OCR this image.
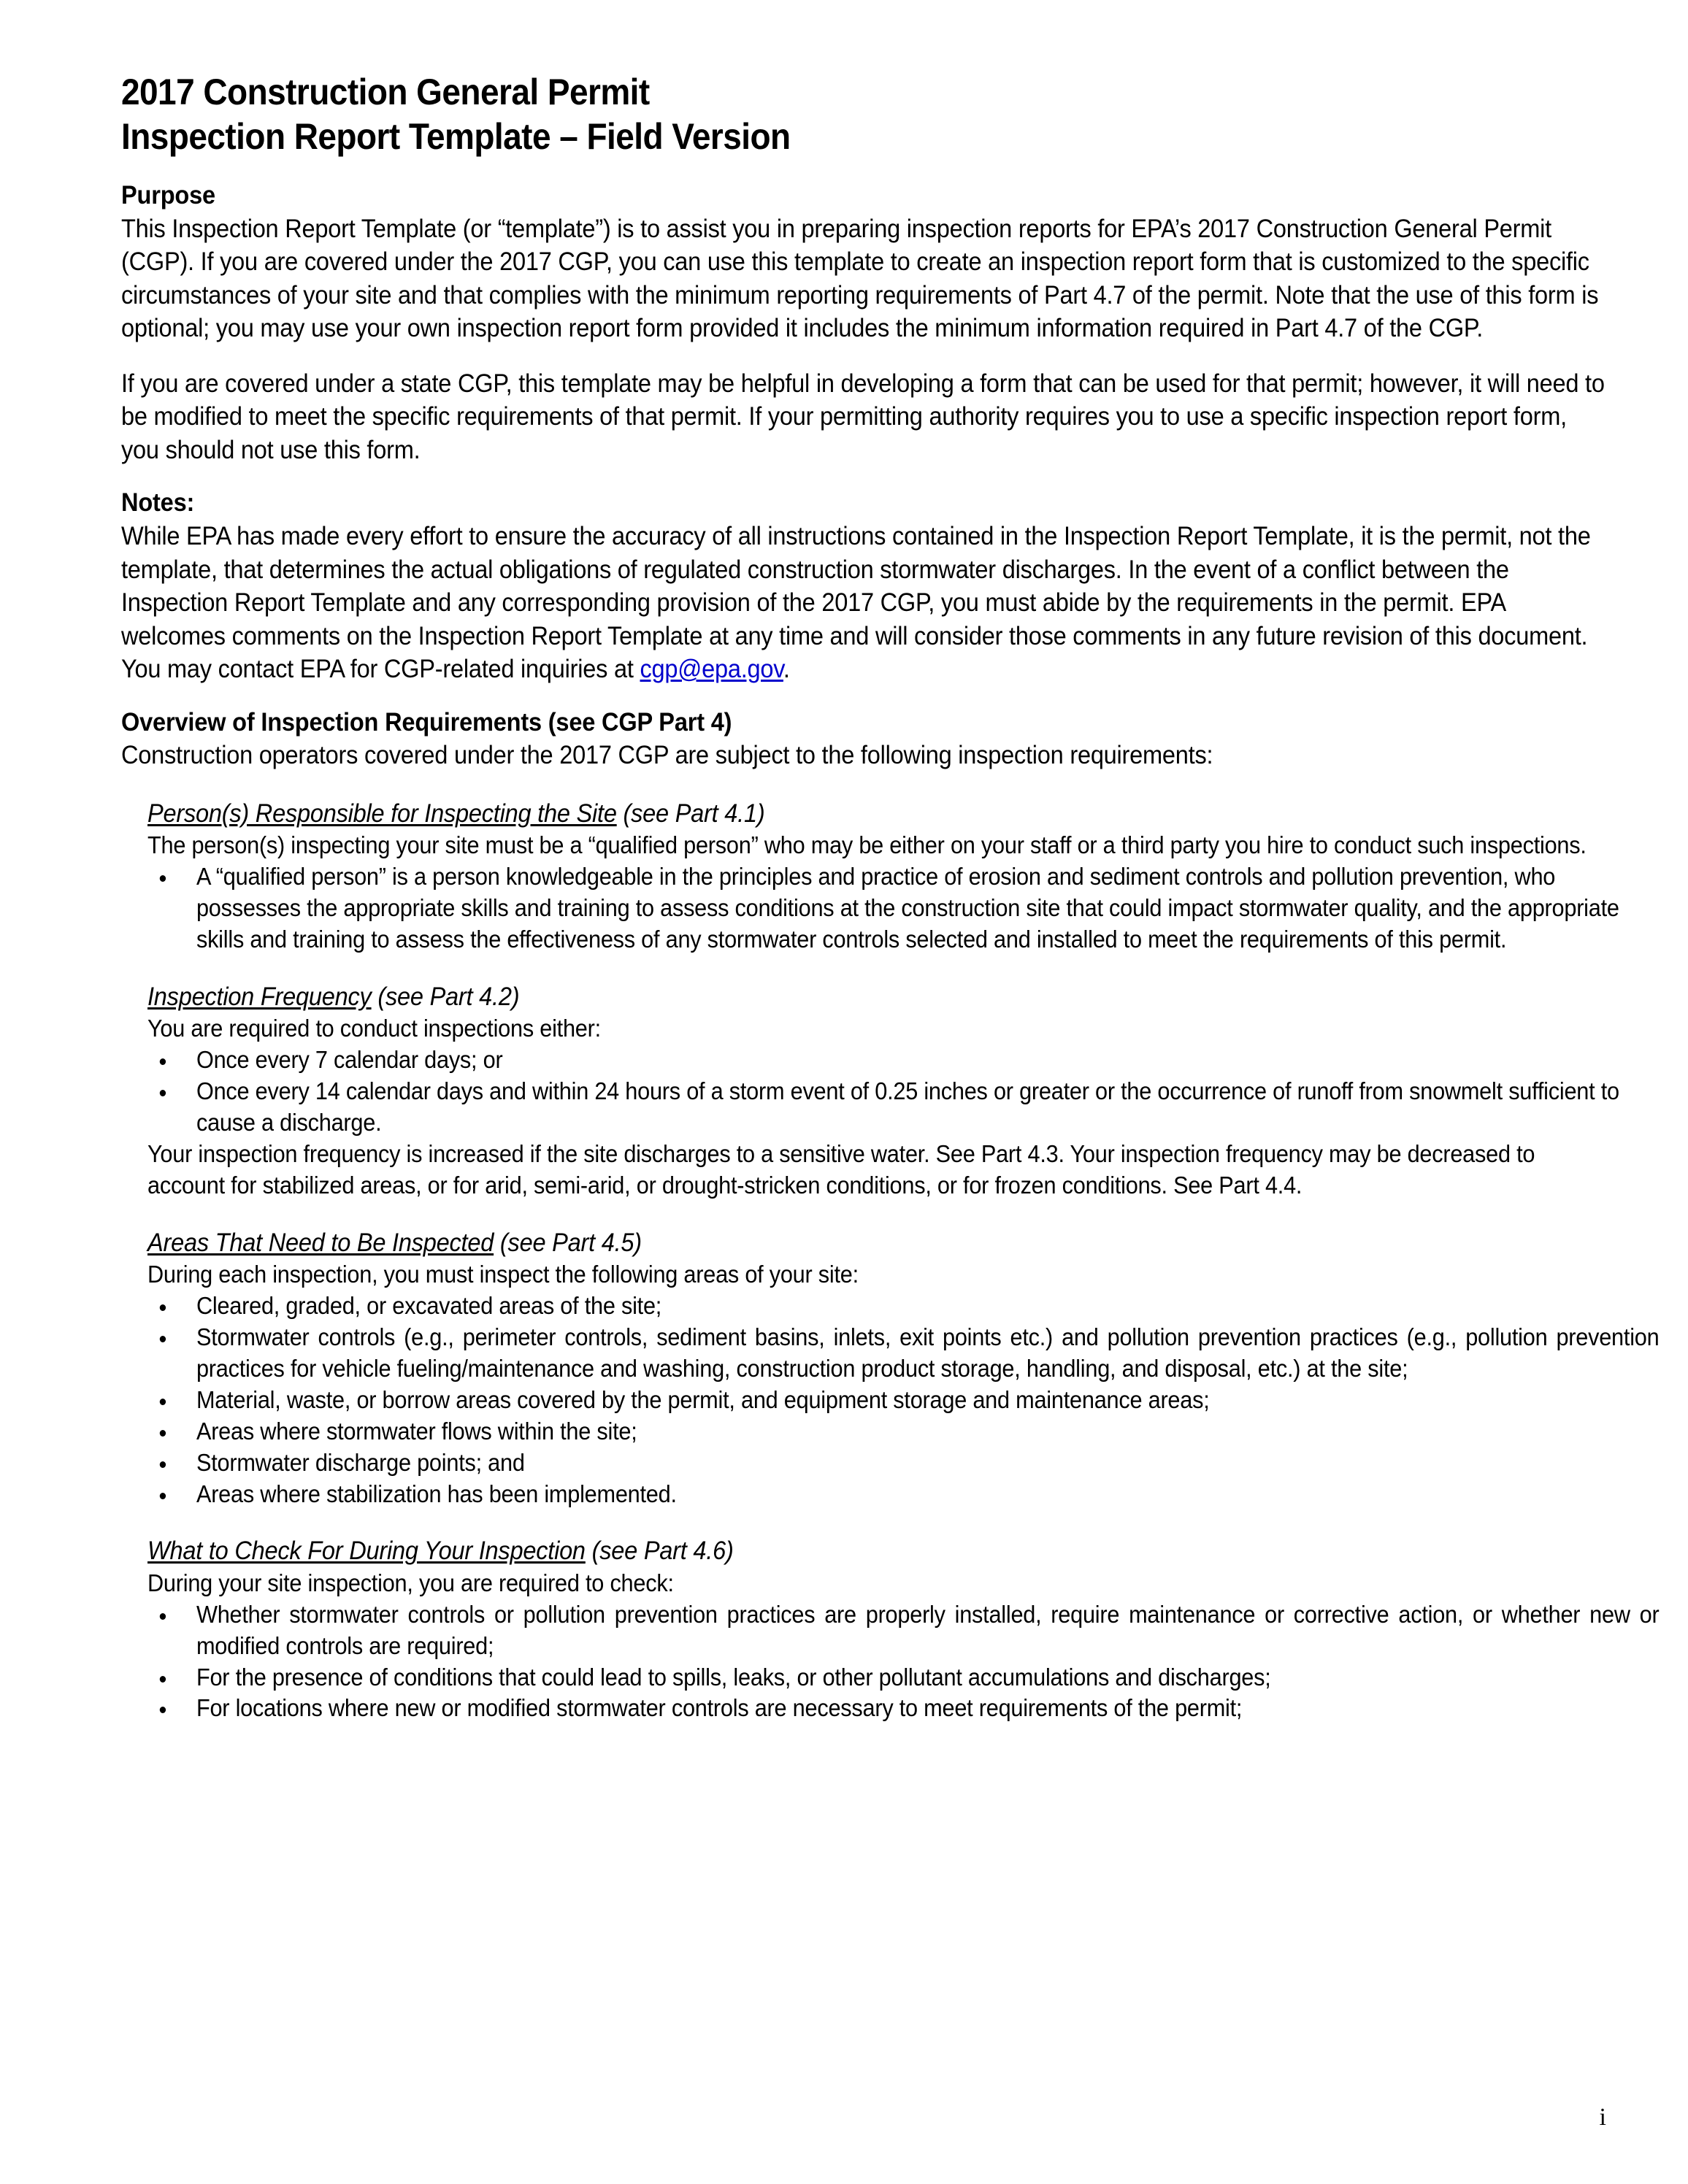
2017 Construction General Permit
Inspection Report Template – Field Version
Purpose

This Inspection Report Template (or “template”) is to assist you in preparing inspection reports for EPA’s 2017 Construction General Permit (CGP). If you are covered under the 2017 CGP, you can use this template to create an inspection report form that is customized to the specific circumstances of your site and that complies with the minimum reporting requirements of Part 4.7 of the permit. Note that the use of this form is optional; you may use your own inspection report form provided it includes the minimum information required in Part 4.7 of the CGP.

If you are covered under a state CGP, this template may be helpful in developing a form that can be used for that permit; however, it will need to be modified to meet the specific requirements of that permit. If your permitting authority requires you to use a specific inspection report form, you should not use this form.

Notes:

While EPA has made every effort to ensure the accuracy of all instructions contained in the Inspection Report Template, it is the permit, not the template, that determines the actual obligations of regulated construction stormwater discharges. In the event of a conflict between the Inspection Report Template and any corresponding provision of the 2017 CGP, you must abide by the requirements in the permit. EPA welcomes comments on the Inspection Report Template at any time and will consider those comments in any future revision of this document. You may contact EPA for CGP-related inquiries at cgp@epa.gov.

Overview of Inspection Requirements (see CGP Part 4)

Construction operators covered under the 2017 CGP are subject to the following inspection requirements:

Person(s) Responsible for Inspecting the Site (see Part 4.1)

The person(s) inspecting your site must be a “qualified person” who may be either on your staff or a third party you hire to conduct such inspections.

A “qualified person” is a person knowledgeable in the principles and practice of erosion and sediment controls and pollution prevention, who possesses the appropriate skills and training to assess conditions at the construction site that could impact stormwater quality, and the appropriate skills and training to assess the effectiveness of any stormwater controls selected and installed to meet the requirements of this permit.
Inspection Frequency (see Part 4.2)

You are required to conduct inspections either:

Once every 7 calendar days; or
Once every 14 calendar days and within 24 hours of a storm event of 0.25 inches or greater or the occurrence of runoff from snowmelt sufficient to cause a discharge.

Your inspection frequency is increased if the site discharges to a sensitive water. See Part 4.3. Your inspection frequency may be decreased to account for stabilized areas, or for arid, semi-arid, or drought-stricken conditions, or for frozen conditions. See Part 4.4.

Areas That Need to Be Inspected (see Part 4.5)

During each inspection, you must inspect the following areas of your site:

Cleared, graded, or excavated areas of the site;
Stormwater controls (e.g., perimeter controls, sediment basins, inlets, exit points etc.) and pollution prevention practices (e.g., pollution prevention practices for vehicle fueling/maintenance and washing, construction product storage, handling, and disposal, etc.) at the site;
Material, waste, or borrow areas covered by the permit, and equipment storage and maintenance areas;
Areas where stormwater flows within the site;
Stormwater discharge points; and
Areas where stabilization has been implemented.
What to Check For During Your Inspection (see Part 4.6)

During your site inspection, you are required to check:

Whether stormwater controls or pollution prevention practices are properly installed, require maintenance or corrective action, or whether new or modified controls are required;
For the presence of conditions that could lead to spills, leaks, or other pollutant accumulations and discharges;
For locations where new or modified stormwater controls are necessary to meet requirements of the permit;
i
